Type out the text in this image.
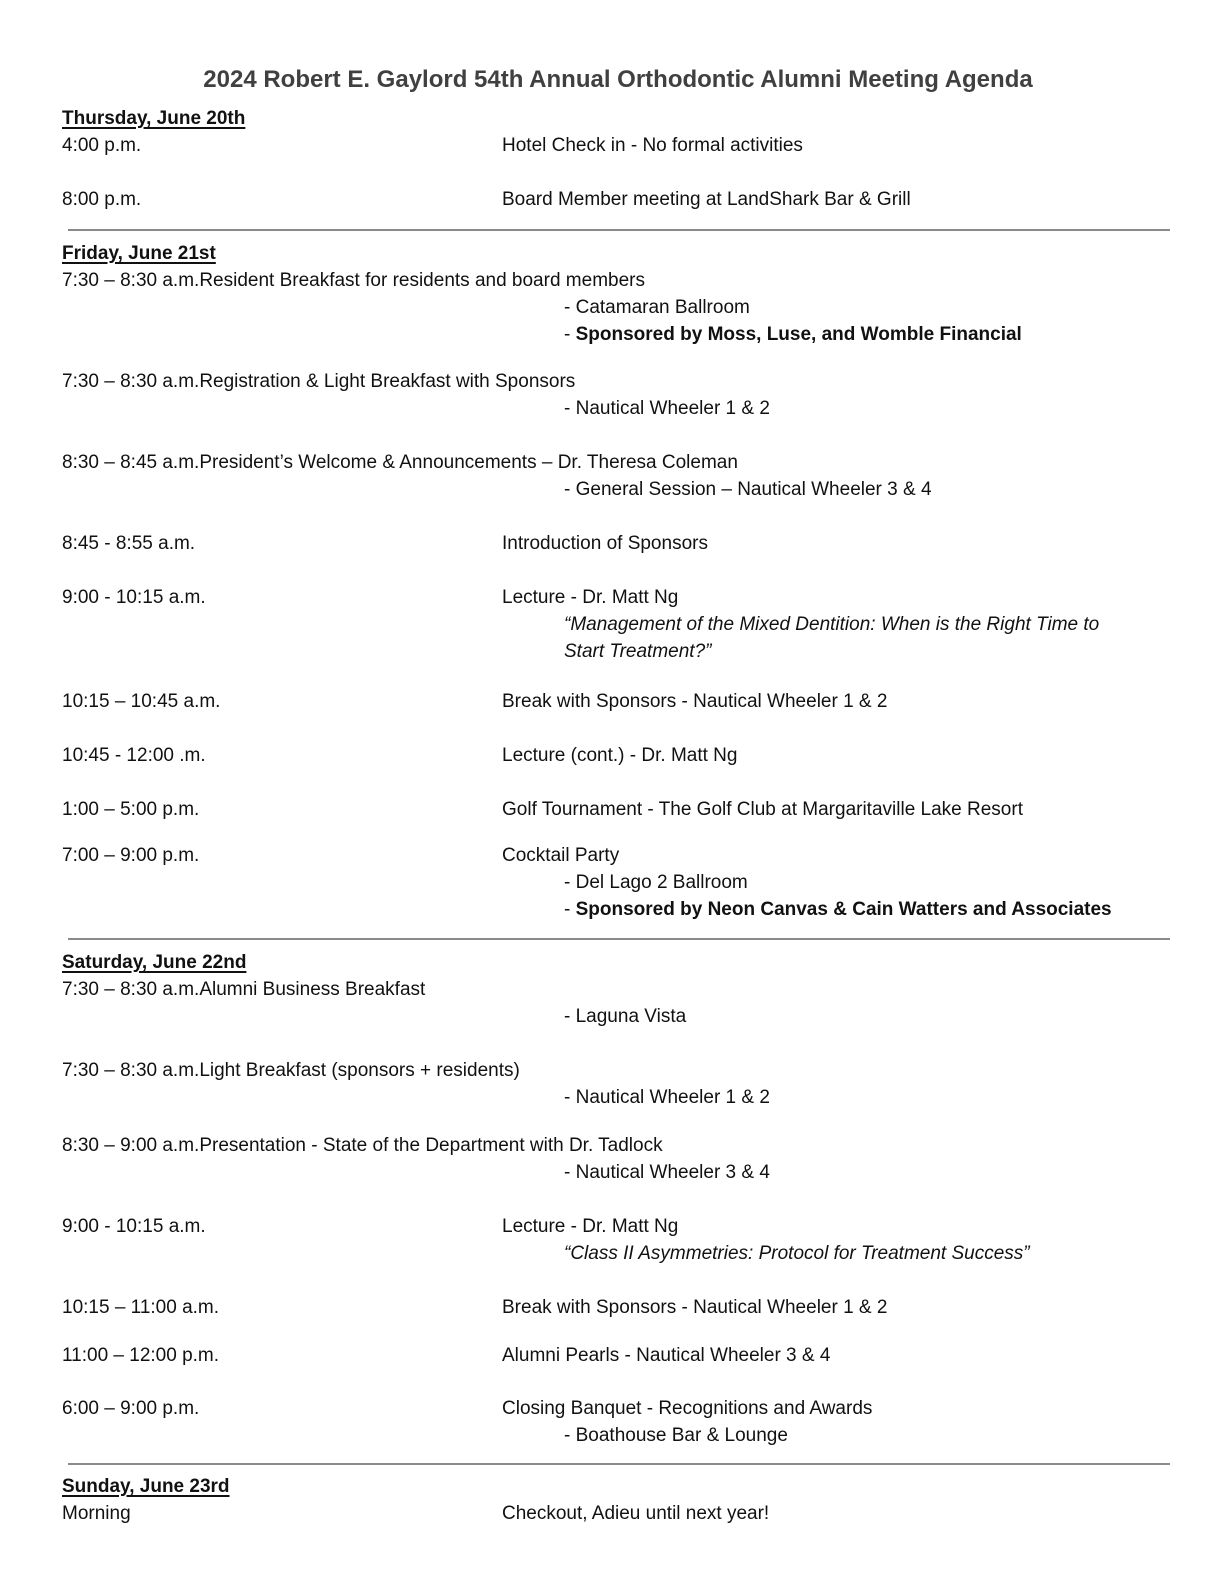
2024 Robert E. Gaylord 54th Annual Orthodontic Alumni Meeting Agenda
Thursday, June 20th
4:00 p.m.	Hotel Check in - No formal activities
8:00 p.m.	Board Member meeting at LandShark Bar & Grill
Friday, June 21st
7:30 – 8:30 a.m.Resident Breakfast for residents and board members
- Catamaran Ballroom
- Sponsored by Moss, Luse, and Womble Financial
7:30 – 8:30 a.m.Registration & Light Breakfast with Sponsors
- Nautical Wheeler 1 & 2
8:30 – 8:45 a.m.President’s Welcome & Announcements – Dr. Theresa Coleman
- General Session – Nautical Wheeler 3 & 4
8:45 - 8:55 a.m.	Introduction of Sponsors
9:00 - 10:15 a.m.	Lecture - Dr. Matt Ng
“Management of the Mixed Dentition: When is the Right Time to
Start Treatment?”
10:15 – 10:45 a.m.	Break with Sponsors - Nautical Wheeler 1 & 2
10:45 - 12:00 .m.	Lecture (cont.) - Dr. Matt Ng
1:00 – 5:00 p.m.	Golf Tournament - The Golf Club at Margaritaville Lake Resort
7:00 – 9:00 p.m.	Cocktail Party
- Del Lago 2 Ballroom
- Sponsored by Neon Canvas & Cain Watters and Associates
Saturday, June 22nd
7:30 – 8:30 a.m.Alumni Business Breakfast
- Laguna Vista
7:30 – 8:30 a.m.Light Breakfast (sponsors + residents)
- Nautical Wheeler 1 & 2
8:30 – 9:00 a.m.Presentation - State of the Department with Dr. Tadlock
- Nautical Wheeler 3 & 4
9:00 - 10:15 a.m.	Lecture - Dr. Matt Ng
“Class II Asymmetries: Protocol for Treatment Success”
10:15 – 11:00 a.m.	Break with Sponsors - Nautical Wheeler 1 & 2
11:00 – 12:00 p.m.	Alumni Pearls - Nautical Wheeler 3 & 4
6:00 – 9:00 p.m.	Closing Banquet - Recognitions and Awards
- Boathouse Bar & Lounge
Sunday, June 23rd
Morning	Checkout, Adieu until next year!
